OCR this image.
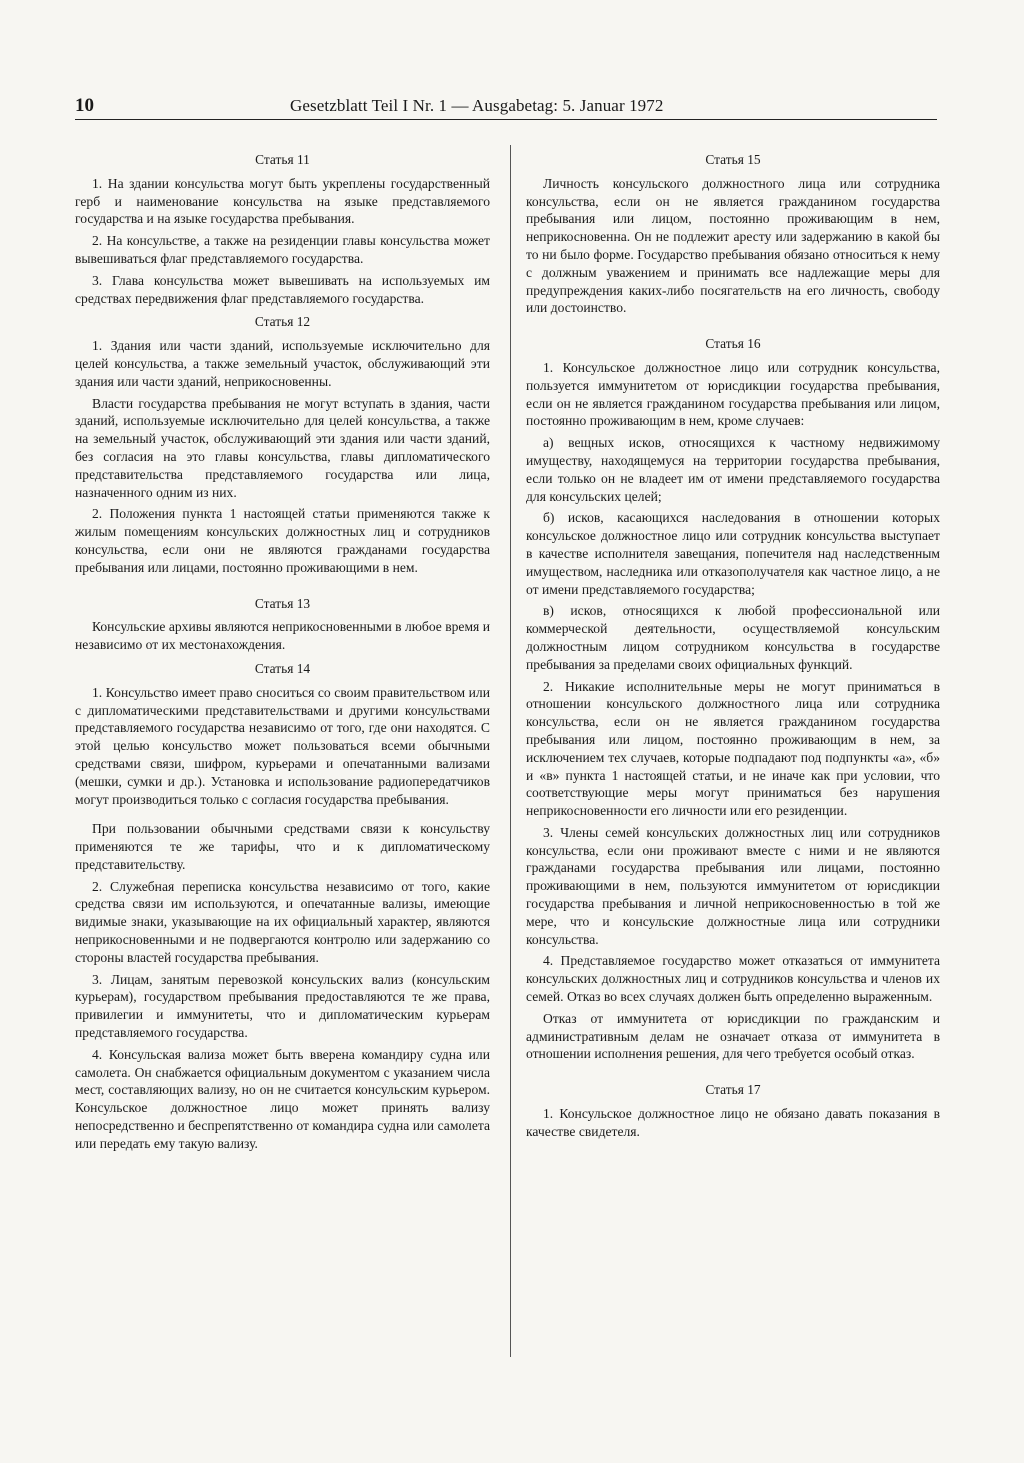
10	Gesetzblatt Teil I Nr. 1 — Ausgabetag: 5. Januar 1972
Статья 11

1. На здании консульства могут быть укреплены государственный герб и наименование консульства на языке представляемого государства и на языке государства пребывания.

2. На консульстве, а также на резиденции главы консульства может вывешиваться флаг представляемого государства.

3. Глава консульства может вывешивать на используемых им средствах передвижения флаг представляемого государства.

Статья 12

1. Здания или части зданий, используемые исключительно для целей консульства, а также земельный участок, обслуживающий эти здания или части зданий, неприкосновенны.

Власти государства пребывания не могут вступать в здания, части зданий, используемые исключительно для целей консульства, а также на земельный участок, обслуживающий эти здания или части зданий, без согласия на это главы консульства, главы дипломатического представительства представляемого государства или лица, назначенного одним из них.

2. Положения пункта 1 настоящей статьи применяются также к жилым помещениям консульских должностных лиц и сотрудников консульства, если они не являются гражданами государства пребывания или лицами, постоянно проживающими в нем.

Статья 13

Консульские архивы являются неприкосновенными в любое время и независимо от их местонахождения.

Статья 14

1. Консульство имеет право сноситься со своим правительством или с дипломатическими представительствами и другими консульствами представляемого государства независимо от того, где они находятся. С этой целью консульство может пользоваться всеми обычными средствами связи, шифром, курьерами и опечатанными вализами (мешки, сумки и др.). Установка и использование радиопередатчиков могут производиться только с согласия государства пребывания.

При пользовании обычными средствами связи к консульству применяются те же тарифы, что и к дипломатическому представительству.

2. Служебная переписка консульства независимо от того, какие средства связи им используются, и опечатанные вализы, имеющие видимые знаки, указывающие на их официальный характер, являются неприкосновенными и не подвергаются контролю или задержанию со стороны властей государства пребывания.

3. Лицам, занятым перевозкой консульских вализ (консульским курьерам), государством пребывания предоставляются те же права, привилегии и иммунитеты, что и дипломатическим курьерам представляемого государства.

4. Консульская вализа может быть вверена командиру судна или самолета. Он снабжается официальным документом с указанием числа мест, составляющих вализу, но он не считается консульским курьером. Консульское должностное лицо может принять вализу непосредственно и беспрепятственно от командира судна или самолета или передать ему такую вализу.

Статья 15

Личность консульского должностного лица или сотрудника консульства, если он не является гражданином государства пребывания или лицом, постоянно проживающим в нем, неприкосновенна. Он не подлежит аресту или задержанию в какой бы то ни было форме. Государство пребывания обязано относиться к нему с должным уважением и принимать все надлежащие меры для предупреждения каких-либо посягательств на его личность, свободу или достоинство.

Статья 16

1. Консульское должностное лицо или сотрудник консульства, пользуется иммунитетом от юрисдикции государства пребывания, если он не является гражданином государства пребывания или лицом, постоянно проживающим в нем, кроме случаев:

а) вещных исков, относящихся к частному недвижимому имуществу, находящемуся на территории государства пребывания, если только он не владеет им от имени представляемого государства для консульских целей;

б) исков, касающихся наследования в отношении которых консульское должностное лицо или сотрудник консульства выступает в качестве исполнителя завещания, попечителя над наследственным имуществом, наследника или отказополучателя как частное лицо, а не от имени представляемого государства;

в) исков, относящихся к любой профессиональной или коммерческой деятельности, осуществляемой консульским должностным лицом сотрудником консульства в государстве пребывания за пределами своих официальных функций.

2. Никакие исполнительные меры не могут приниматься в отношении консульского должностного лица или сотрудника консульства, если он не является гражданином государства пребывания или лицом, постоянно проживающим в нем, за исключением тех случаев, которые подпадают под подпункты «а», «б» и «в» пункта 1 настоящей статьи, и не иначе как при условии, что соответствующие меры могут приниматься без нарушения неприкосновенности его личности или его резиденции.

3. Члены семей консульских должностных лиц или сотрудников консульства, если они проживают вместе с ними и не являются гражданами государства пребывания или лицами, постоянно проживающими в нем, пользуются иммунитетом от юрисдикции государства пребывания и личной неприкосновенностью в той же мере, что и консульские должностные лица или сотрудники консульства.

4. Представляемое государство может отказаться от иммунитета консульских должностных лиц и сотрудников консульства и членов их семей. Отказ во всех случаях должен быть определенно выраженным.

Отказ от иммунитета от юрисдикции по гражданским и административным делам не означает отказа от иммунитета в отношении исполнения решения, для чего требуется особый отказ.

Статья 17

1. Консульское должностное лицо не обязано давать показания в качестве свидетеля.
